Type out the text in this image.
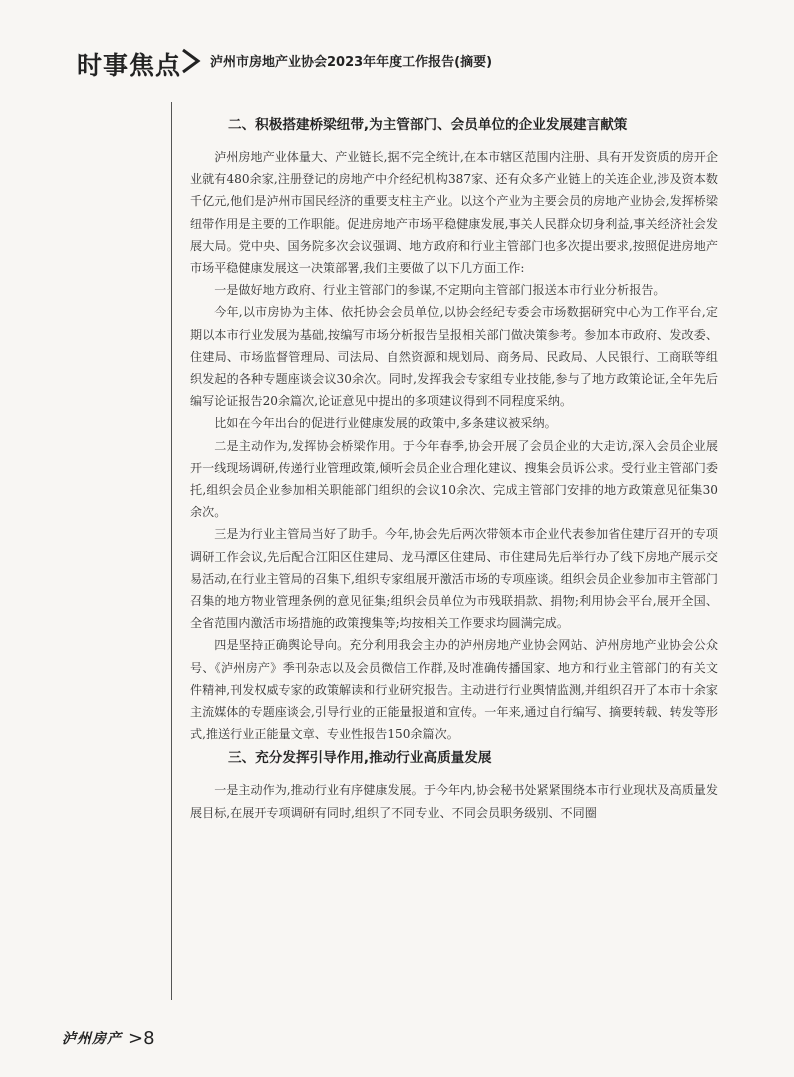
时事焦点 泸州市房地产业协会2023年年度工作报告(摘要)
二、积极搭建桥梁纽带,为主管部门、会员单位的企业发展建言献策

泸州房地产业体量大、产业链长,据不完全统计,在本市辖区范围内注册、具有开发资质的房开企业就有480余家,注册登记的房地产中介经纪机构387家、还有众多产业链上的关连企业,涉及资本数千亿元,他们是泸州市国民经济的重要支柱主产业。以这个产业为主要会员的房地产业协会,发挥桥梁纽带作用是主要的工作职能。促进房地产市场平稳健康发展,事关人民群众切身利益,事关经济社会发展大局。党中央、国务院多次会议强调、地方政府和行业主管部门也多次提出要求,按照促进房地产市场平稳健康发展这一决策部署,我们主要做了以下几方面工作:

一是做好地方政府、行业主管部门的参谋,不定期向主管部门报送本市行业分析报告。

今年,以市房协为主体、依托协会会员单位,以协会经纪专委会市场数据研究中心为工作平台,定期以本市行业发展为基础,按编写市场分析报告呈报相关部门做决策参考。参加本市政府、发改委、住建局、市场监督管理局、司法局、自然资源和规划局、商务局、民政局、人民银行、工商联等组织发起的各种专题座谈会议30余次。同时,发挥我会专家组专业技能,参与了地方政策论证,全年先后编写论证报告20余篇次,论证意见中提出的多项建议得到不同程度采纳。

比如在今年出台的促进行业健康发展的政策中,多条建议被采纳。

二是主动作为,发挥协会桥梁作用。于今年春季,协会开展了会员企业的大走访,深入会员企业展开一线现场调研,传递行业管理政策,倾听会员企业合理化建议、搜集会员诉公求。受行业主管部门委托,组织会员企业参加相关职能部门组织的会议10余次、完成主管部门安排的地方政策意见征集30余次。

三是为行业主管局当好了助手。今年,协会先后两次带领本市企业代表参加省住建厅召开的专项调研工作会议,先后配合江阳区住建局、龙马潭区住建局、市住建局先后举行办了线下房地产展示交易活动,在行业主管局的召集下,组织专家组展开激活市场的专项座谈。组织会员企业参加市主管部门召集的地方物业管理条例的意见征集;组织会员单位为市残联捐款、捐物;利用协会平台,展开全国、全省范围内激活市场措施的政策搜集等;均按相关工作要求均圆满完成。

四是坚持正确舆论导向。充分利用我会主办的泸州房地产业协会网站、泸州房地产业协会公众号、《泸州房产》季刊杂志以及会员微信工作群,及时准确传播国家、地方和行业主管部门的有关文件精神,刊发权威专家的政策解读和行业研究报告。主动进行行业舆情监测,并组织召开了本市十余家主流媒体的专题座谈会,引导行业的正能量报道和宣传。一年来,通过自行编写、摘要转载、转发等形式,推送行业正能量文章、专业性报告150余篇次。

三、充分发挥引导作用,推动行业高质量发展

一是主动作为,推动行业有序健康发展。于今年内,协会秘书处紧紧围绕本市行业现状及高质量发展目标,在展开专项调研有同时,组织了不同专业、不同会员职务级别、不同圈

泸州房产 >8
